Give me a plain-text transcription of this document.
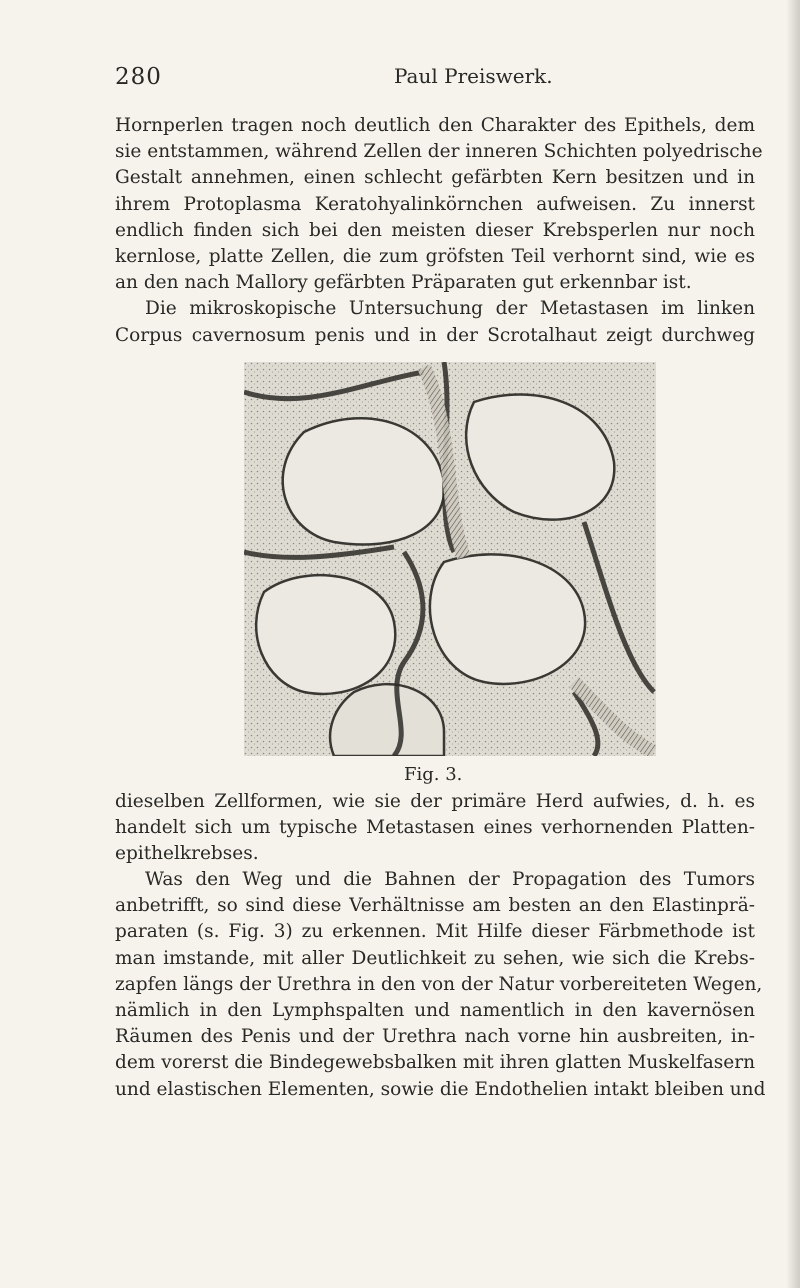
280	Paul Preiswerk.
Hornperlen tragen noch deutlich den Charakter des Epithels, dem
sie entstammen, während Zellen der inneren Schichten polyedrische
Gestalt annehmen, einen schlecht gefärbten Kern besitzen und in
ihrem Protoplasma Keratohyalinkörnchen aufweisen. Zu innerst
endlich finden sich bei den meisten dieser Krebsperlen nur noch
kernlose, platte Zellen, die zum gröfsten Teil verhornt sind, wie es
an den nach Mallory gefärbten Präparaten gut erkennbar ist.
Die mikroskopische Untersuchung der Metastasen im linken
Corpus cavernosum penis und in der Scrotalhaut zeigt durchweg
Fig. 3.
dieselben Zellformen, wie sie der primäre Herd aufwies, d. h. es
handelt sich um typische Metastasen eines verhornenden Platten-
epithelkrebses.
Was den Weg und die Bahnen der Propagation des Tumors
anbetrifft, so sind diese Verhältnisse am besten an den Elastinprä-
paraten (s. Fig. 3) zu erkennen. Mit Hilfe dieser Färbmethode ist
man imstande, mit aller Deutlichkeit zu sehen, wie sich die Krebs-
zapfen längs der Urethra in den von der Natur vorbereiteten Wegen,
nämlich in den Lymphspalten und namentlich in den kavernösen
Räumen des Penis und der Urethra nach vorne hin ausbreiten, in-
dem vorerst die Bindegewebsbalken mit ihren glatten Muskelfasern
und elastischen Elementen, sowie die Endothelien intakt bleiben und
